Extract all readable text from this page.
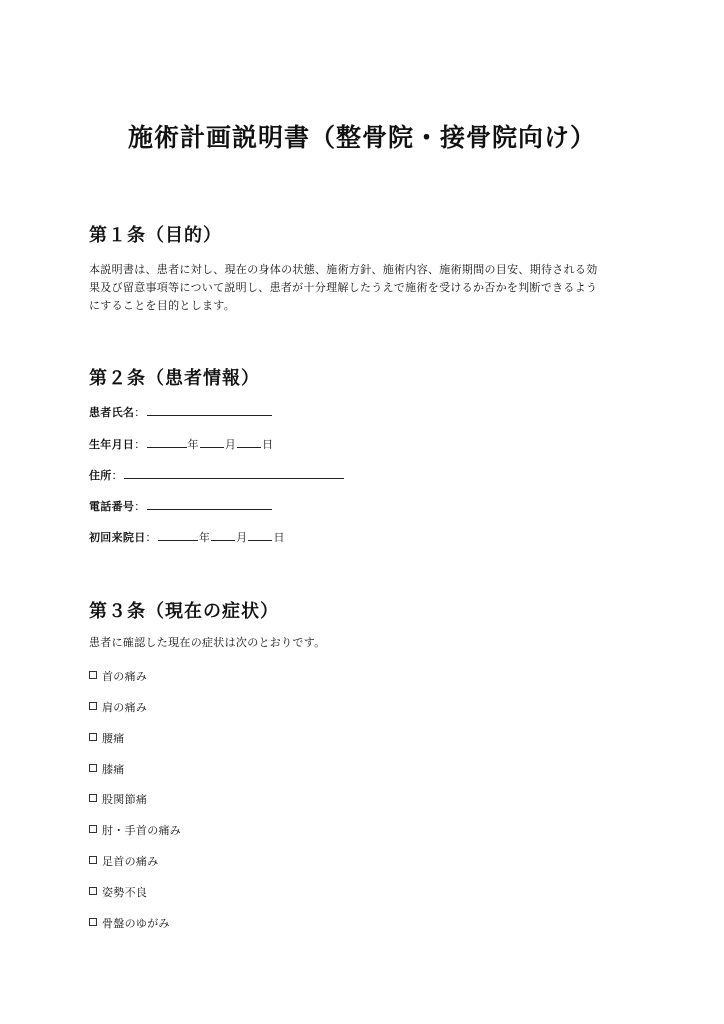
施術計画説明書（整骨院・接骨院向け）
第１条（目的）
本説明書は、患者に対し、現在の身体の状態、施術方針、施術内容、施術期間の目安、期待される効
果及び留意事項等について説明し、患者が十分理解したうえで施術を受けるか否かを判断できるよう
にすることを目的とします。
第２条（患者情報）
患者氏名：
生年月日：	年 月 日
住所：
電話番号：
初回来院日：	年 月 日
第３条（現在の症状）
患者に確認した現在の症状は次のとおりです。
首の痛み
肩の痛み
腰痛
膝痛
股関節痛
肘・手首の痛み
足首の痛み
姿勢不良
骨盤のゆがみ
